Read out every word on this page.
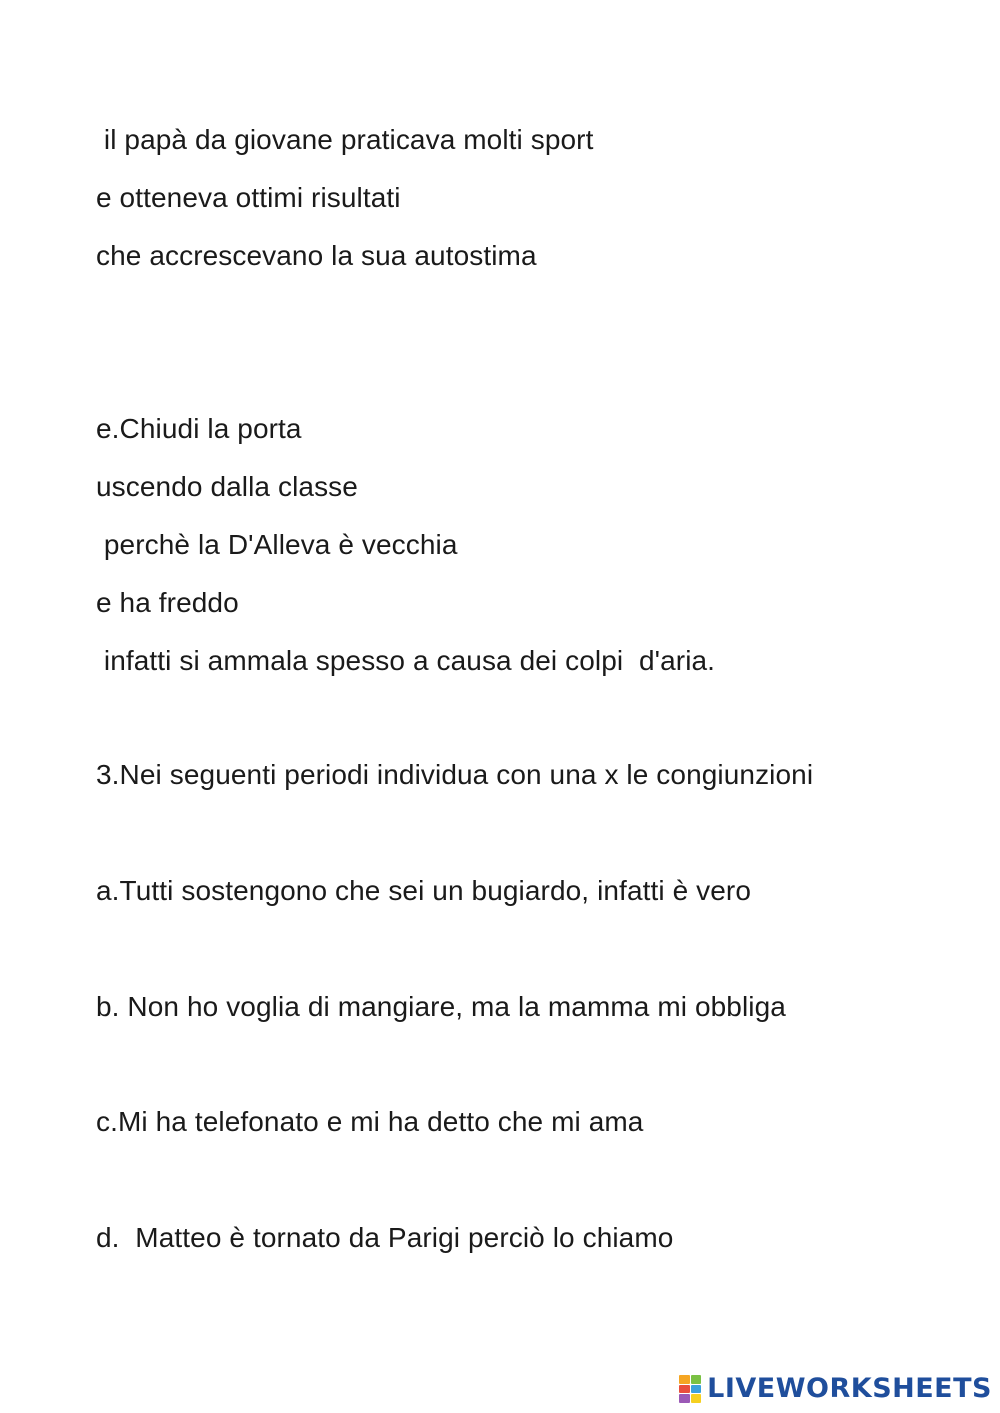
il papà da giovane praticava molti sport
e otteneva ottimi risultati
che accrescevano la sua autostima
e.Chiudi la porta
uscendo dalla classe
perchè la D'Alleva è vecchia
e ha freddo
infatti si ammala spesso a causa dei colpi  d'aria.
3.Nei seguenti periodi individua con una x le congiunzioni
a.Tutti sostengono che sei un bugiardo, infatti è vero
b. Non ho voglia di mangiare, ma la mamma mi obbliga
c.Mi ha telefonato e mi ha detto che mi ama
d.  Matteo è tornato da Parigi perciò lo chiamo
LIVEWORKSHEETS
